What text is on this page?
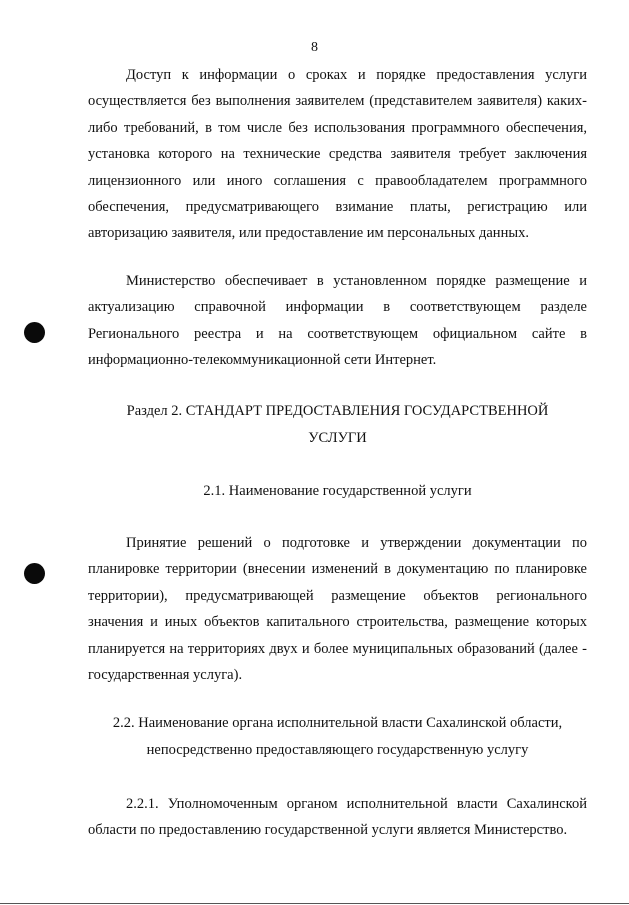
8

Доступ к информации о сроках и порядке предоставления услуги осуществляется без выполнения заявителем (представителем заявителя) каких-либо требований, в том числе без использования программного обеспечения, установка которого на технические средства заявителя требует заключения лицензионного или иного соглашения с правообладателем программного обеспечения, предусматривающего взимание платы, регистрацию или авторизацию заявителя, или предоставление им персональных данных.

Министерство обеспечивает в установленном порядке размещение и актуализацию справочной информации в соответствующем разделе Регионального реестра и на соответствующем официальном сайте в информационно-телекоммуникационной сети Интернет.

Раздел 2. СТАНДАРТ ПРЕДОСТАВЛЕНИЯ ГОСУДАРСТВЕННОЙ
УСЛУГИ
2.1. Наименование государственной услуги

Принятие решений о подготовке и утверждении документации по планировке территории (внесении изменений в документацию по планировке территории), предусматривающей размещение объектов регионального значения и иных объектов капитального строительства, размещение которых планируется на территориях двух и более муниципальных образований (далее - государственная услуга).

2.2. Наименование органа исполнительной власти Сахалинской области,
непосредственно предоставляющего государственную услугу

2.2.1. Уполномоченным органом исполнительной власти Сахалинской области по предоставлению государственной услуги является Министерство.
